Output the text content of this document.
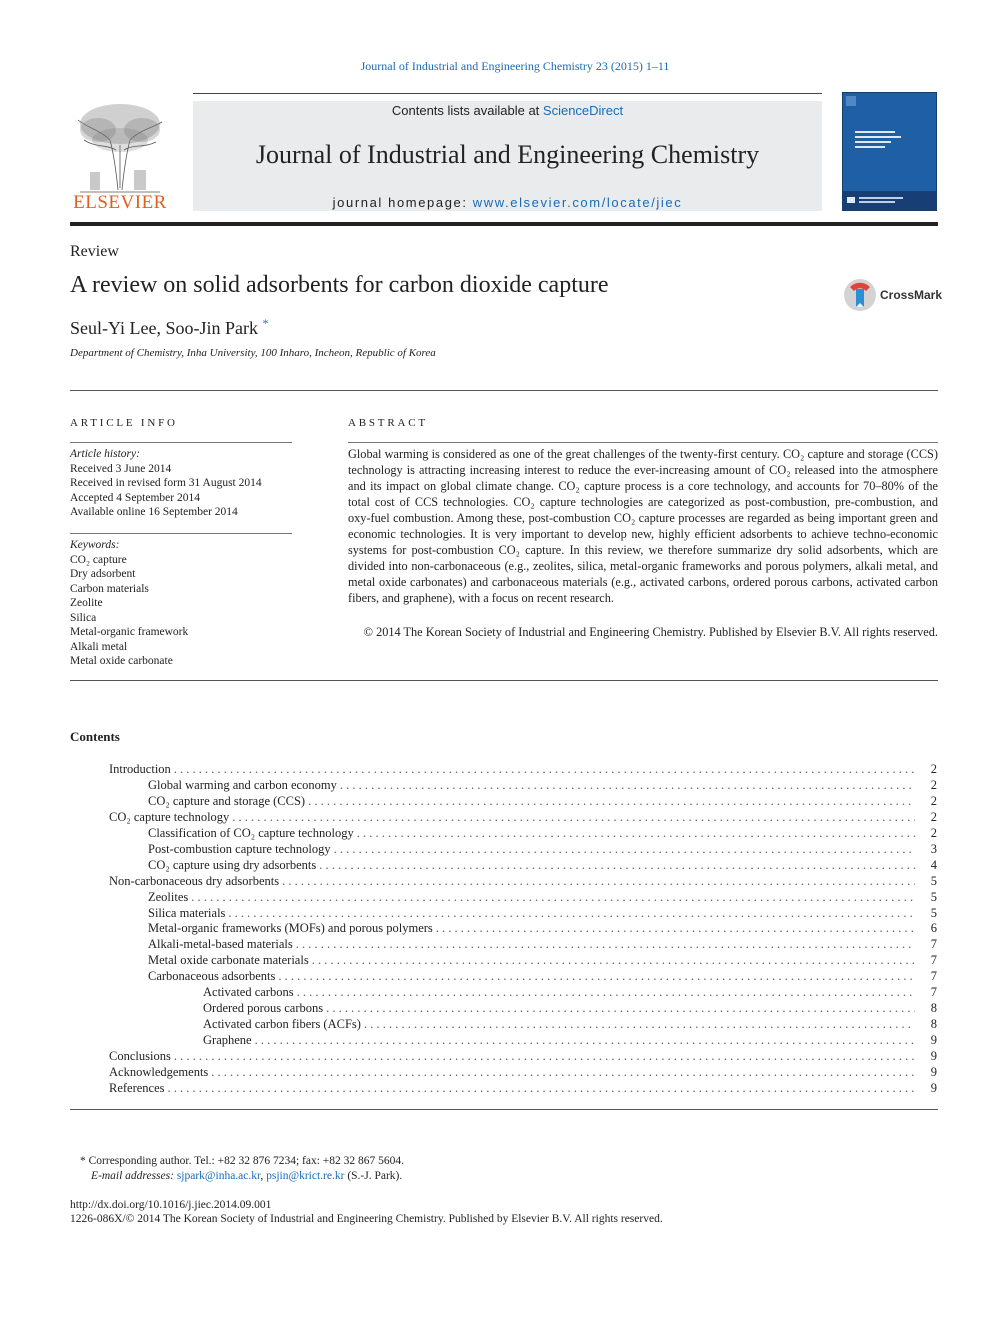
Journal of Industrial and Engineering Chemistry 23 (2015) 1–11
ELSEVIER
Contents lists available at ScienceDirect
Journal of Industrial and Engineering Chemistry
journal homepage: www.elsevier.com/locate/jiec
Review
A review on solid adsorbents for carbon dioxide capture	CrossMark
Seul-Yi Lee, Soo-Jin Park *
Department of Chemistry, Inha University, 100 Inharo, Incheon, Republic of Korea
ARTICLE INFO
Article history:
Received 3 June 2014
Received in revised form 31 August 2014
Accepted 4 September 2014
Available online 16 September 2014
Keywords:
CO₂ capture
Dry adsorbent
Carbon materials
Zeolite
Silica
Metal-organic framework
Alkali metal
Metal oxide carbonate
ABSTRACT
Global warming is considered as one of the great challenges of the twenty-first century. CO₂ capture and storage (CCS) technology is attracting increasing interest to reduce the ever-increasing amount of CO₂ released into the atmosphere and its impact on global climate change. CO₂ capture process is a core technology, and accounts for 70–80% of the total cost of CCS technologies. CO₂ capture technologies are categorized as post-combustion, pre-combustion, and oxy-fuel combustion. Among these, post-combustion CO₂ capture processes are regarded as being important green and economic technologies. It is very important to develop new, highly efficient adsorbents to achieve techno-economic systems for post-combustion CO₂ capture. In this review, we therefore summarize dry solid adsorbents, which are divided into non-carbonaceous (e.g., zeolites, silica, metal-organic frameworks and porous polymers, alkali metal, and metal oxide carbonates) and carbonaceous materials (e.g., activated carbons, ordered porous carbons, activated carbon fibers, and graphene), with a focus on recent research.
© 2014 The Korean Society of Industrial and Engineering Chemistry. Published by Elsevier B.V. All rights reserved.
Contents
Introduction . . .	2
Global warming and carbon economy . . .	2
CO₂ capture and storage (CCS) . . .	2
CO₂ capture technology . . .	2
Classification of CO₂ capture technology . . .	2
Post-combustion capture technology . . .	3
CO₂ capture using dry adsorbents . . .	4
Non-carbonaceous dry adsorbents . . .	5
Zeolites . . .	5
Silica materials . . .	5
Metal-organic frameworks (MOFs) and porous polymers . . .	6
Alkali-metal-based materials . . .	7
Metal oxide carbonate materials . . .	7
Carbonaceous adsorbents . . .	7
Activated carbons . . .	7
Ordered porous carbons . . .	8
Activated carbon fibers (ACFs) . . .	8
Graphene . . .	9
Conclusions . . .	9
Acknowledgements . . .	9
References . . .	9
* Corresponding author. Tel.: +82 32 876 7234; fax: +82 32 867 5604.
E-mail addresses: sjpark@inha.ac.kr, psjin@krict.re.kr (S.-J. Park).
http://dx.doi.org/10.1016/j.jiec.2014.09.001
1226-086X/© 2014 The Korean Society of Industrial and Engineering Chemistry. Published by Elsevier B.V. All rights reserved.
